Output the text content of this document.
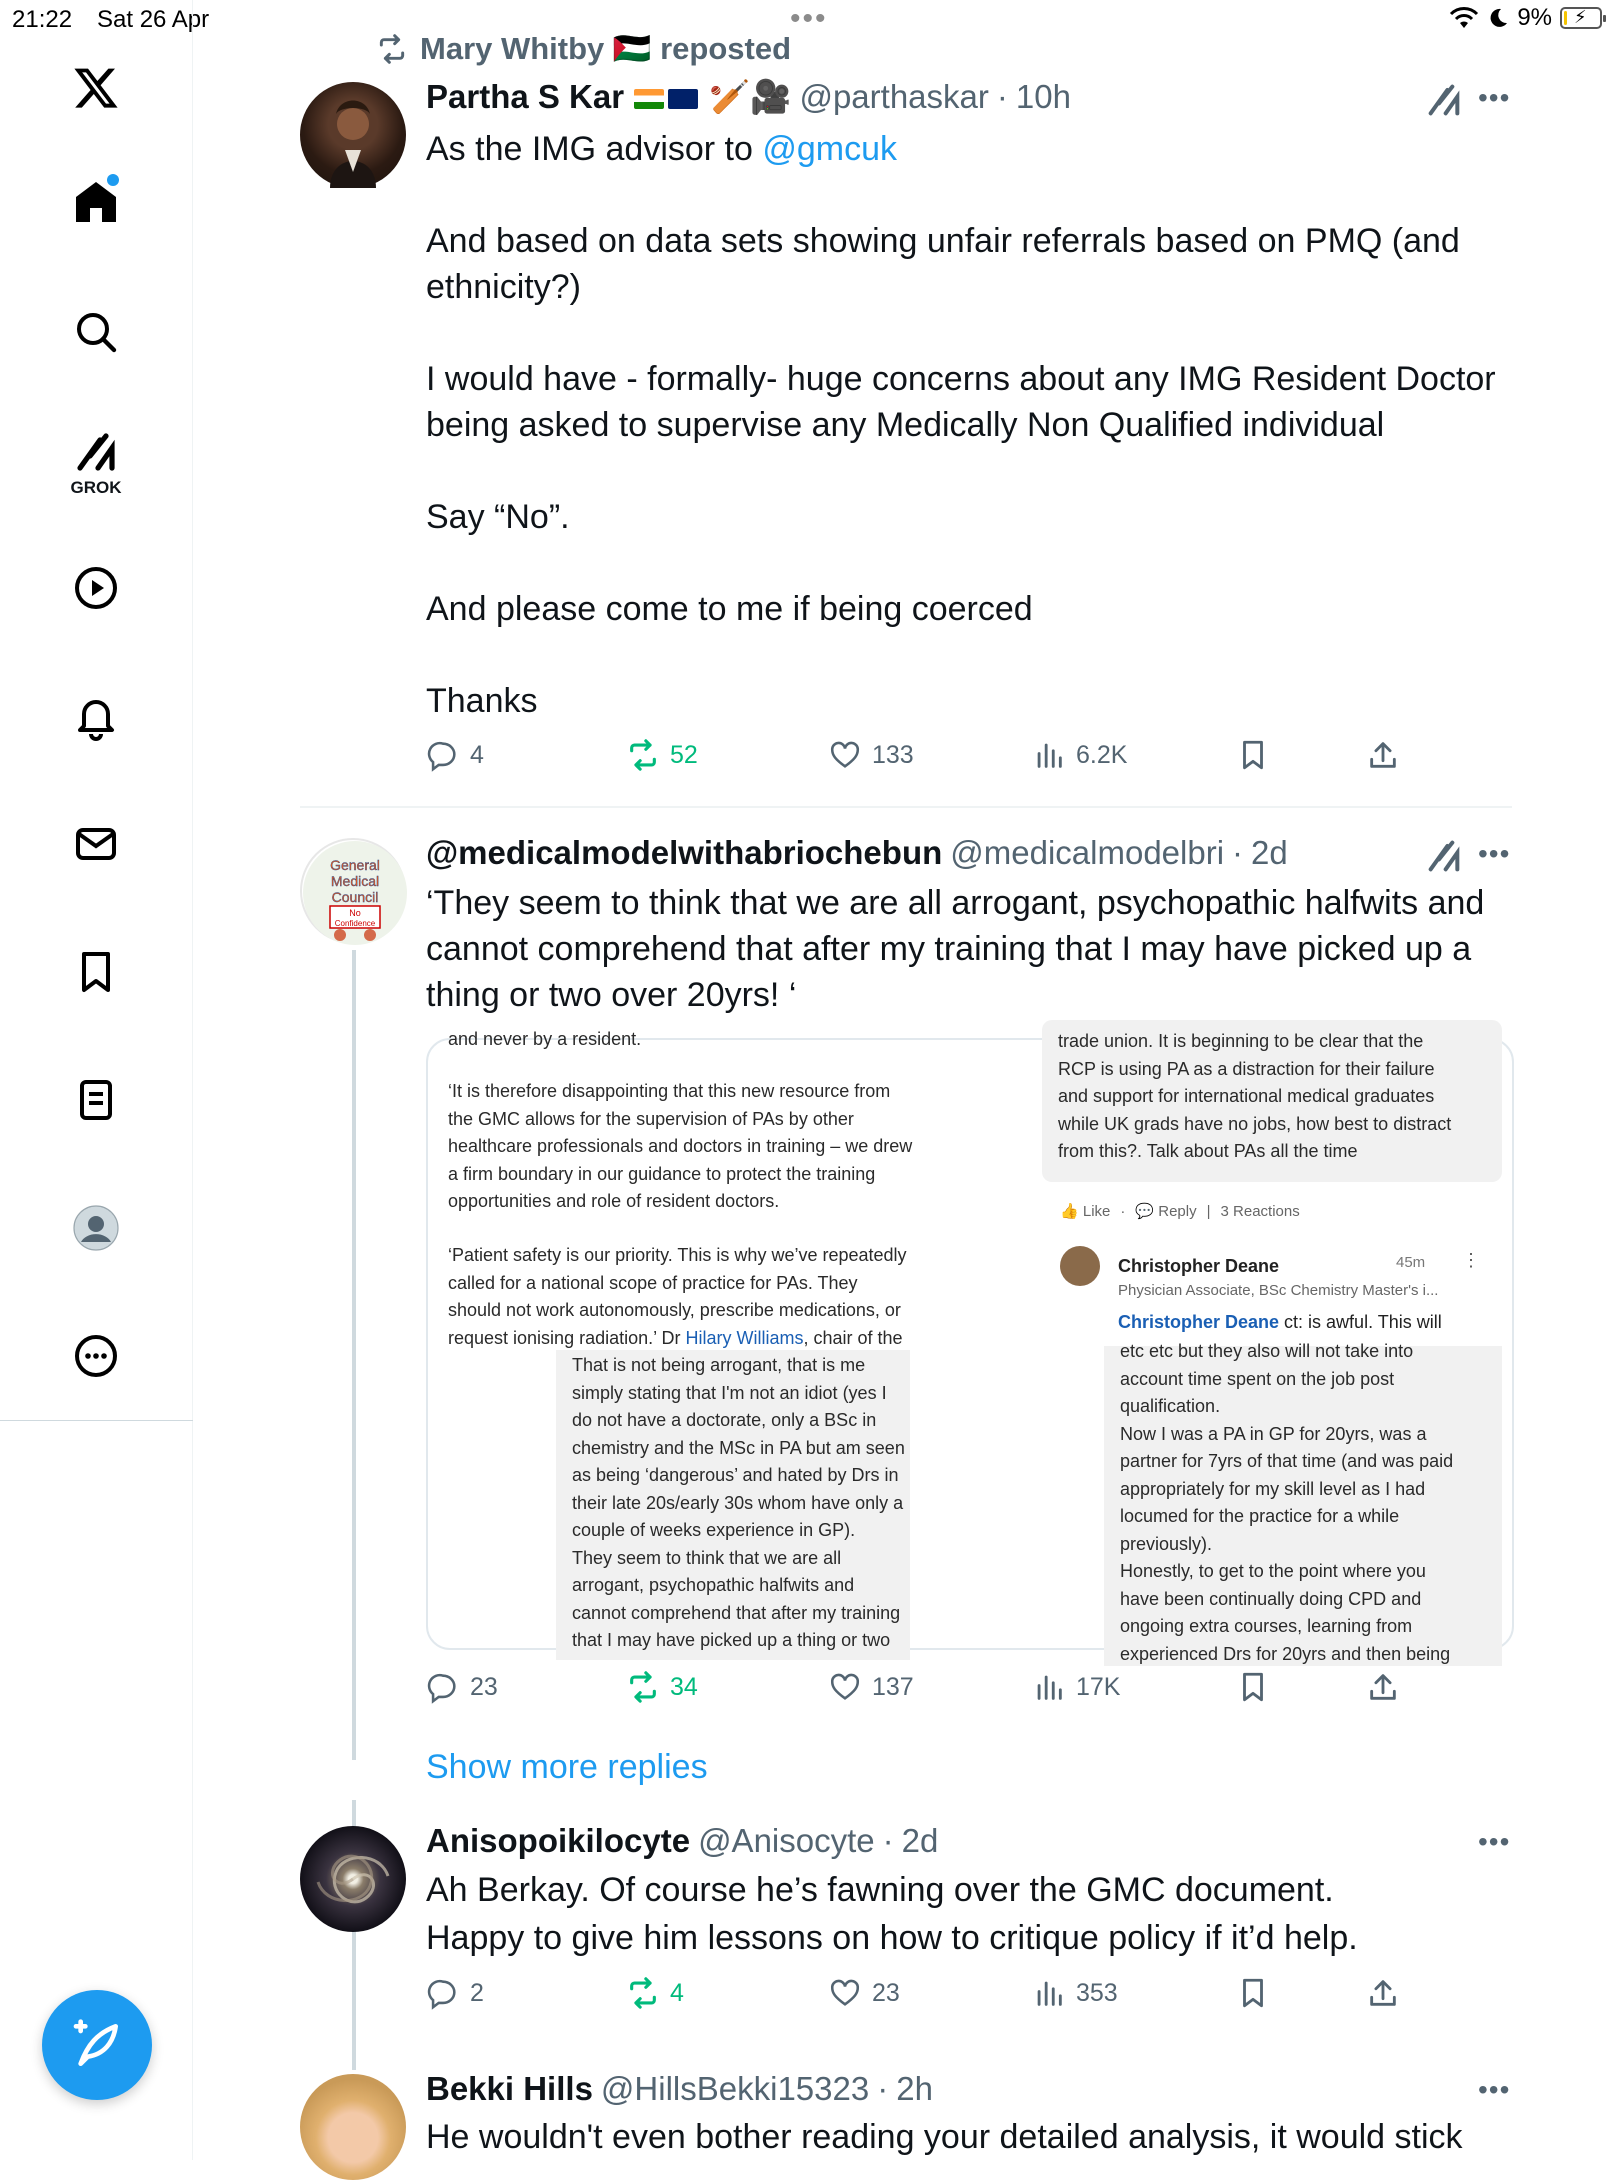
21:22 Sat 26 Apr	•••	9% ⚡
GROK
Mary Whitby 🇵🇸 reposted
Partha S Kar	🏏🎥 @parthaskar · 10h	•••

As the IMG advisor to @gmcuk

And based on data sets showing unfair referrals based on PMQ (and ethnicity?)

I would have - formally- huge concerns about any IMG Resident Doctor being asked to supervise any Medically Non Qualified individual

Say “No”.

And please come to me if being coerced

Thanks

4	52	133	6.2K
General
Medical
Council
No
Confidence
@medicalmodelwithabriochebun @medicalmodelbri · 2d	•••
‘They seem to think that we are all arrogant, psychopathic halfwits and cannot comprehend that after my training that I may have picked up a thing or two over 20yrs! ‘
and never by a resident.
‘It is therefore disappointing that this new resource from
the GMC allows for the supervision of PAs by other
healthcare professionals and doctors in training – we drew
a firm boundary in our guidance to protect the training
opportunities and role of resident doctors.
‘Patient safety is our priority. This is why we’ve repeatedly
called for a national scope of practice for PAs. They
should not work autonomously, prescribe medications, or
request ionising radiation.’ Dr Hilary Williams, chair of the
That is not being arrogant, that is me
simply stating that I'm not an idiot (yes I
do not have a doctorate, only a BSc in
chemistry and the MSc in PA but am seen
as being ‘dangerous’ and hated by Drs in
their late 20s/early 30s whom have only a
couple of weeks experience in GP).
They seem to think that we are all
arrogant, psychopathic halfwits and
cannot comprehend that after my training
that I may have picked up a thing or two
trade union. It is beginning to be clear that the
RCP is using PA as a distraction for their failure
and support for international medical graduates
while UK grads have no jobs, how best to distract
from this?. Talk about PAs all the time
👍 Like · 💬 Reply | 3 Reactions
Christopher Deane	45m ⋮
Physician Associate, BSc Chemistry Master's i...
Christopher Deane ct: is awful. This will
etc etc but they also will not take into
account time spent on the job post
qualification.
Now I was a PA in GP for 20yrs, was a
partner for 7yrs of that time (and was paid
appropriately for my skill level as I had
locumed for the practice for a while
previously).
Honestly, to get to the point where you
have been continually doing CPD and
ongoing extra courses, learning from
experienced Drs for 20yrs and then being
23	34	137	17K
Show more replies
Anisopoikilocyte @Anisocyte · 2d	•••

Ah Berkay. Of course he’s fawning over the GMC document.

Happy to give him lessons on how to critique policy if it’d help.

2	4	23	353
Bekki Hills @HillsBekki15323 · 2h	•••
He wouldn't even bother reading your detailed analysis, it would stick
